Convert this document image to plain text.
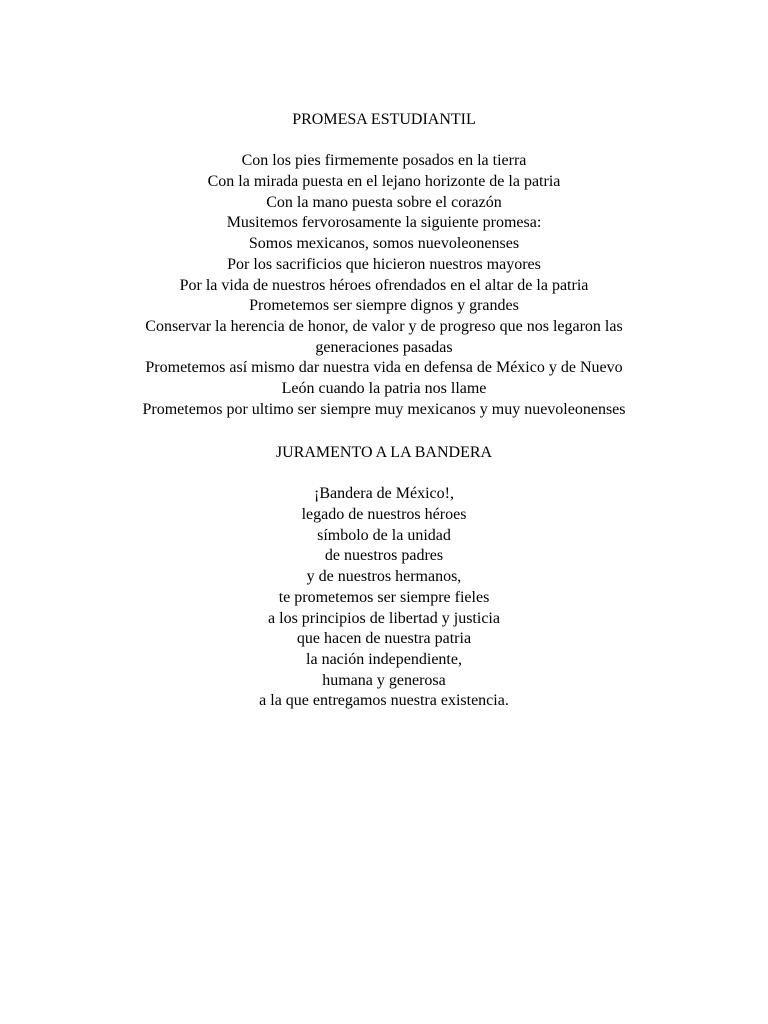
PROMESA ESTUDIANTIL
Con los pies firmemente posados en la tierra
Con la mirada puesta en el lejano horizonte de la patria
Con la mano puesta sobre el corazón
Musitemos fervorosamente la siguiente promesa:
Somos mexicanos, somos nuevoleonenses
Por los sacrificios que hicieron nuestros mayores
Por la vida de nuestros héroes ofrendados en el altar de la patria
Prometemos ser siempre dignos y grandes
Conservar la herencia de honor, de valor y de progreso que nos legaron las
generaciones pasadas
Prometemos así mismo dar nuestra vida en defensa de México y de Nuevo
León cuando la patria nos llame
Prometemos por ultimo ser siempre muy mexicanos y muy nuevoleonenses
JURAMENTO A LA BANDERA
¡Bandera de México!,
legado de nuestros héroes
símbolo de la unidad
de nuestros padres
y de nuestros hermanos,
te prometemos ser siempre fieles
a los principios de libertad y justicia
que hacen de nuestra patria
la nación independiente,
humana y generosa
a la que entregamos nuestra existencia.
